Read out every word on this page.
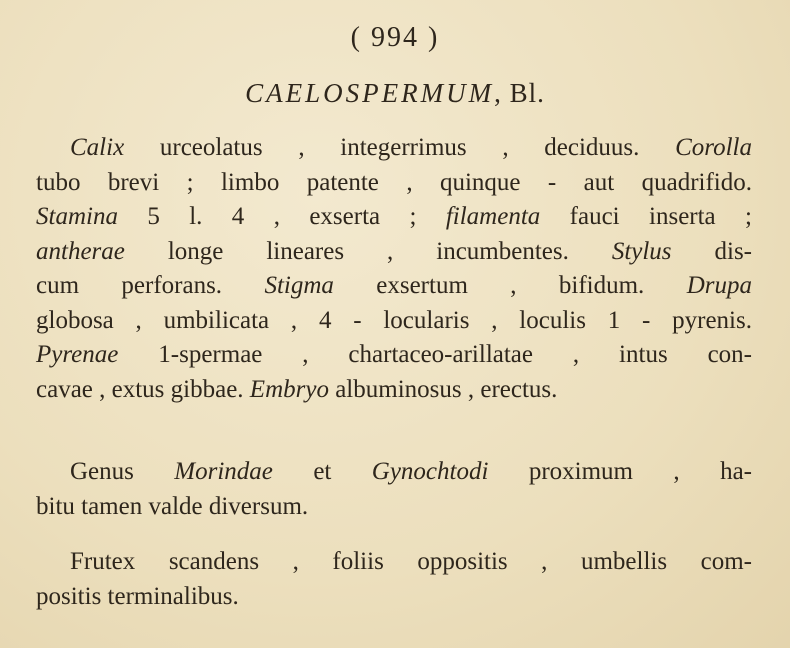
( 994 )
CAELOSPERMUM, Bl.
Calix urceolatus , integerrimus , deciduus. Corolla
tubo brevi ; limbo patente , quinque - aut quadrifido.
Stamina 5 l. 4 , exserta ; filamenta fauci inserta ;
antherae longe lineares , incumbentes. Stylus dis-
cum perforans. Stigma exsertum , bifidum. Drupa
globosa , umbilicata , 4 - locularis , loculis 1 - pyrenis.
Pyrenae 1-spermae , chartaceo-arillatae , intus con-
cavae , extus gibbae. Embryo albuminosus , erectus.
Genus Morindae et Gynochtodi proximum , ha-
bitu tamen valde diversum.
Frutex scandens , foliis oppositis , umbellis com-
positis terminalibus.
